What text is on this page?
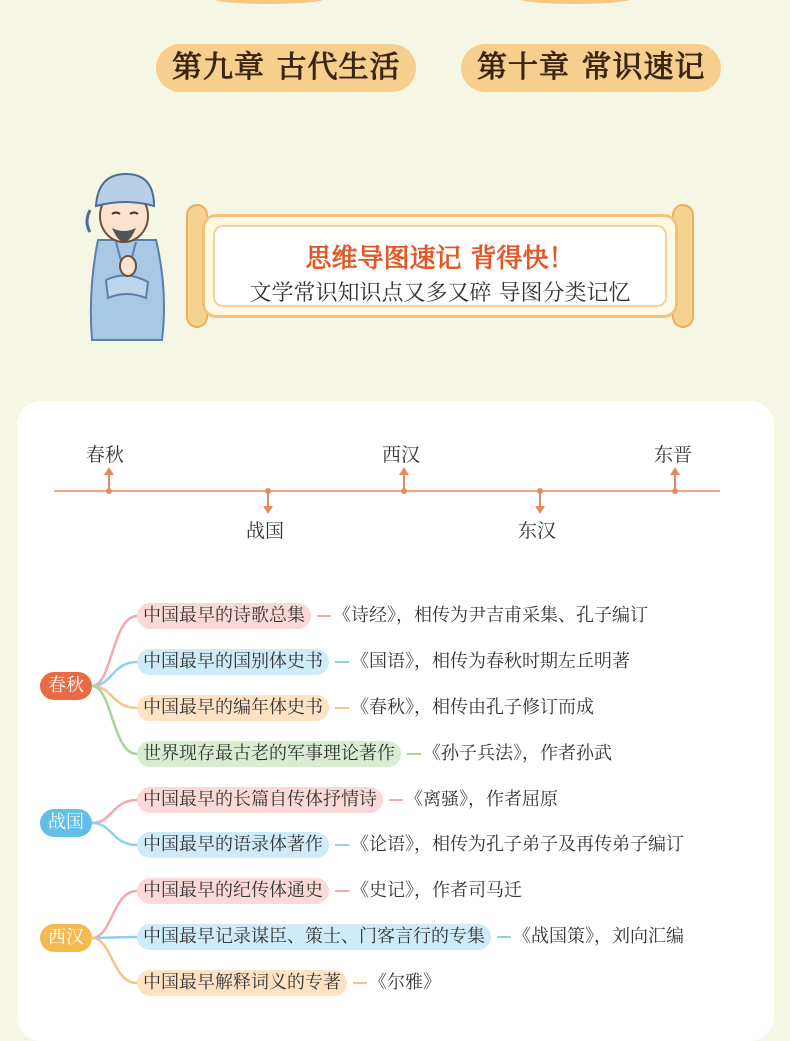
第九章 古代生活	第十章 常识速记
思维导图速记 背得快！
文学常识知识点又多又碎 导图分类记忆
春秋
战国
西汉
东汉
东晋
春秋
战国
西汉
中国最早的诗歌总集 《诗经》，相传为尹吉甫采集、孔子编订
中国最早的国别体史书 《国语》，相传为春秋时期左丘明著
中国最早的编年体史书 《春秋》，相传由孔子修订而成
世界现存最古老的军事理论著作 《孙子兵法》，作者孙武
中国最早的长篇自传体抒情诗 《离骚》，作者屈原
中国最早的语录体著作 《论语》，相传为孔子弟子及再传弟子编订
中国最早的纪传体通史 《史记》，作者司马迁
中国最早记录谋臣、策士、门客言行的专集 《战国策》，刘向汇编
中国最早解释词义的专著 《尔雅》
